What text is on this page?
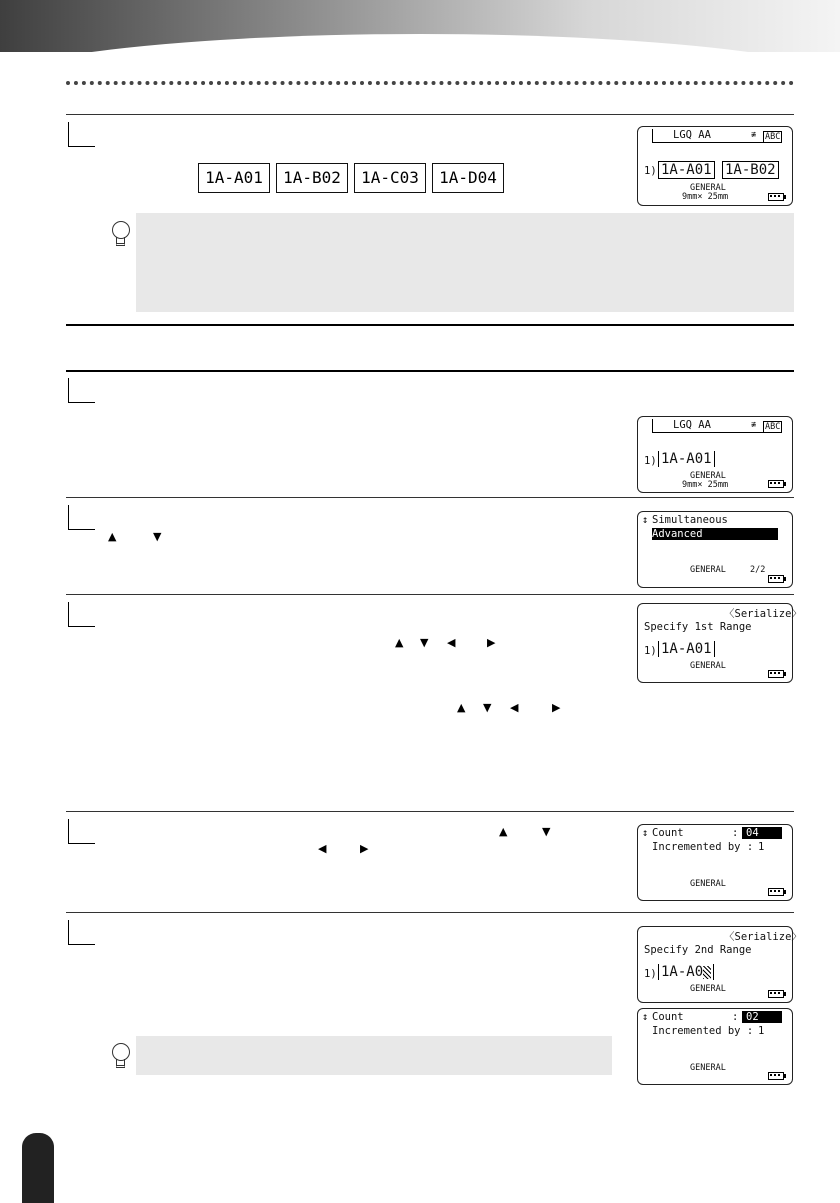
1A-A01	1A-B02	1A-C03	1A-D04
LGQ AA	≢ ABC
1) 1A-A01 1A-B02
GENERAL
9mm× 25mm
LGQ AA	≢ ABC
1) 1A-A01
GENERAL
9mm× 25mm
▲	▼
↕ Simultaneous
Advanced
GENERAL	2/2
▲ ▼ ◀	▶
▲ ▼ ◀	▶
〈Serialize〉
Specify 1st Range
1) 1A-A01
GENERAL
▲	▼
◀	▶
↕ Count	: 04
Incremented by : 1
GENERAL
〈Serialize〉
Specify 2nd Range
1) 1A-A0
GENERAL
↕ Count	: 02
Incremented by : 1
GENERAL
